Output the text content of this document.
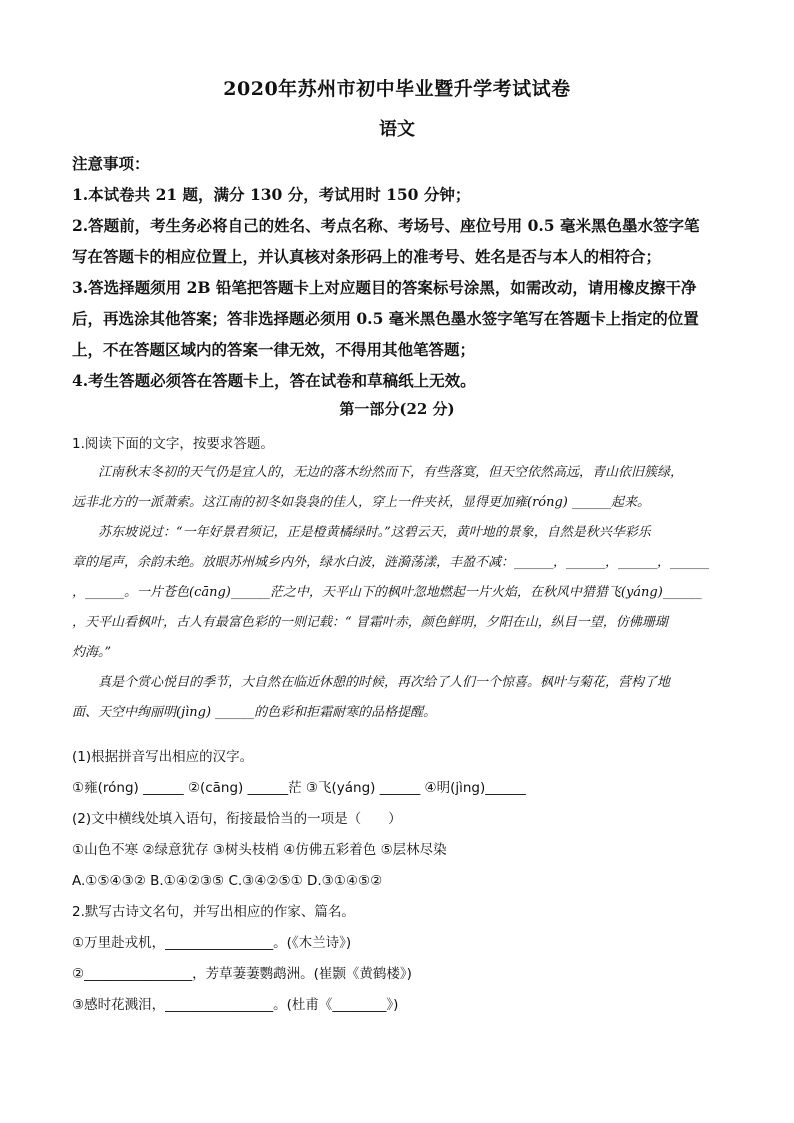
2020年苏州市初中毕业暨升学考试试卷
语文
注意事项：
1.本试卷共 21 题，满分 130 分，考试用时 150 分钟；
2.答题前，考生务必将自己的姓名、考点名称、考场号、座位号用 0.5 毫米黑色墨水签字笔
写在答题卡的相应位置上，并认真核对条形码上的准考号、姓名是否与本人的相符合；
3.答选择题须用 2B 铅笔把答题卡上对应题目的答案标号涂黑，如需改动，请用橡皮擦干净
后，再选涂其他答案；答非选择题必须用 0.5 毫米黑色墨水签字笔写在答题卡上指定的位置
上，不在答题区域内的答案一律无效，不得用其他笔答题；
4.考生答题必须答在答题卡上，答在试卷和草稿纸上无效。
第一部分(22 分)
1.阅读下面的文字，按要求答题。
江南秋末冬初的天气仍是宜人的，无边的落木纷然而下，有些落寞，但天空依然高远，青山依旧簇绿，
远非北方的一派萧索。这江南的初冬如袅袅的佳人，穿上一件夹袄，显得更加雍(róng) ______起来。
苏东坡说过：“一年好景君须记，正是橙黄橘绿时。”这碧云天，黄叶地的景象，自然是秋兴华彩乐
章的尾声，余韵未绝。放眼苏州城乡内外，绿水白波，涟漪荡漾，丰盈不减：______，______，______，______
，______。一片苍色(cāng)______茫之中，天平山下的枫叶忽地燃起一片火焰，在秋风中猎猎飞(yáng)______
，天平山看枫叶，古人有最富色彩的一则记载：“ 冒霜叶赤，颜色鲜明，夕阳在山，纵目一望，仿佛珊瑚
灼海。”
真是个赏心悦目的季节，大自然在临近休憩的时候，再次给了人们一个惊喜。枫叶与菊花，营构了地
面、天空中绚丽明(jìng) ______的色彩和拒霜耐寒的品格提醒。
(1)根据拼音写出相应的汉字。
①雍(róng) ______ ②(cāng) ______茫 ③飞(yáng) ______ ④明(jìng)______
(2)文中横线处填入语句，衔接最恰当的一项是（　　）
①山色不寒 ②绿意犹存 ③树头枝梢 ④仿佛五彩着色 ⑤层林尽染
A.①⑤④③② B.①④②③⑤ C.③④②⑤① D.③①④⑤②
2.默写古诗文名句，并写出相应的作家、篇名。
①万里赴戎机，________________。(《木兰诗》)
②________________，芳草萋萋鹦鹉洲。(崔颢《黄鹤楼》)
③感时花溅泪，________________。(杜甫《________》)
